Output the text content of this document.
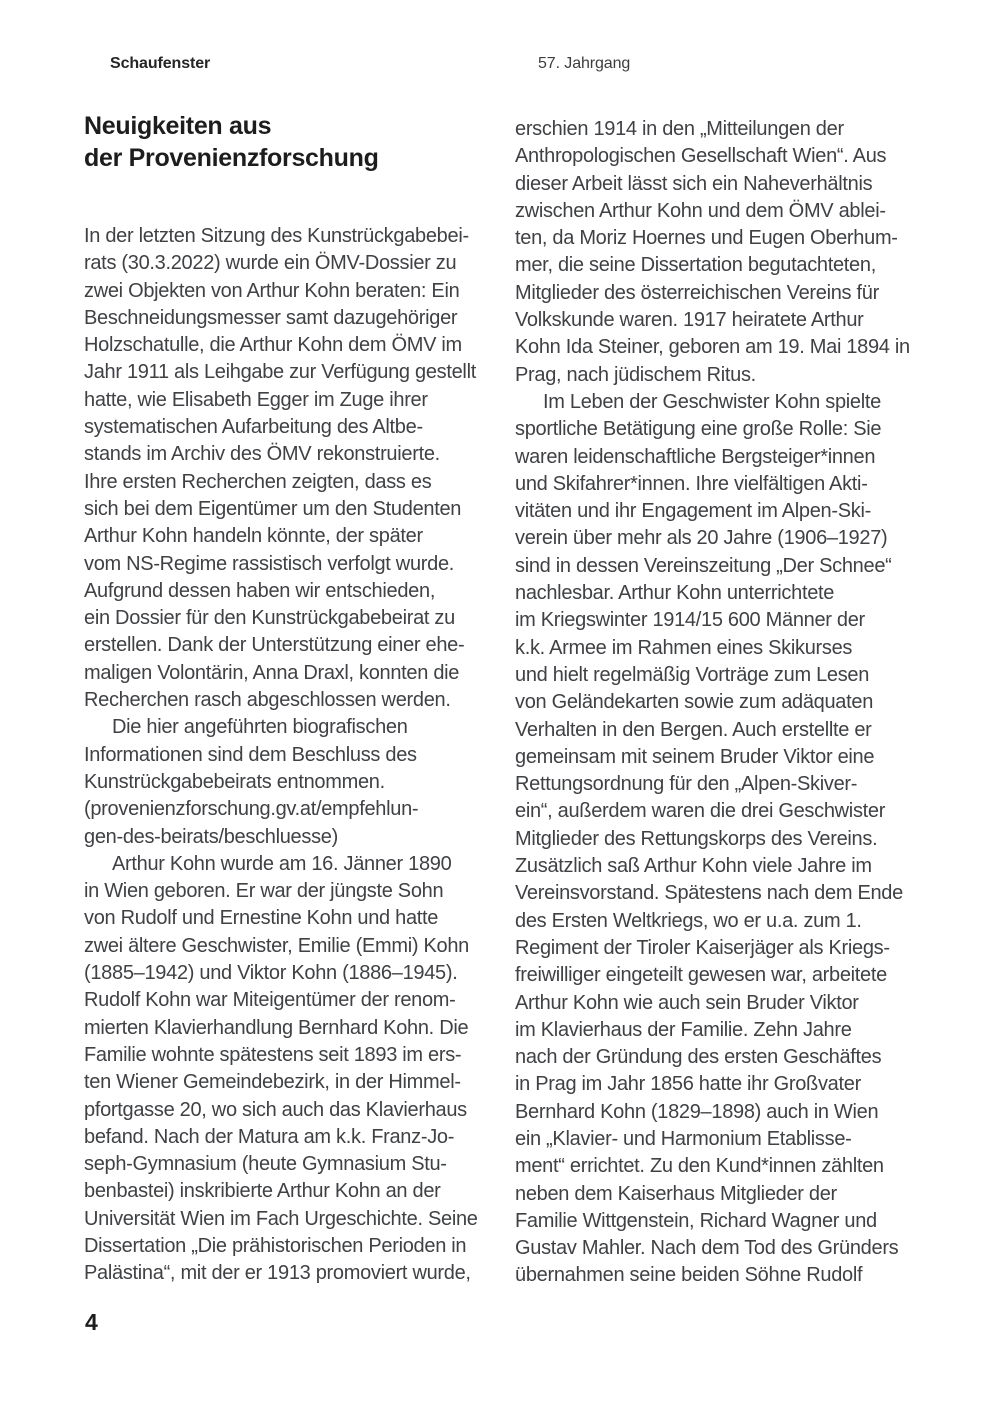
Schaufenster	57. Jahrgang
Neuigkeiten aus
der Provenienzforschung
In der letzten Sitzung des Kunstrückgabebei-
rats (30.3.2022) wurde ein ÖMV-Dossier zu
zwei Objekten von Arthur Kohn beraten: Ein
Beschneidungsmesser samt dazugehöriger
Holzschatulle, die Arthur Kohn dem ÖMV im
Jahr 1911 als Leihgabe zur Verfügung gestellt
hatte, wie Elisabeth Egger im Zuge ihrer
systematischen Aufarbeitung des Altbe-
stands im Archiv des ÖMV rekonstruierte.
Ihre ersten Recherchen zeigten, dass es
sich bei dem Eigentümer um den Studenten
Arthur Kohn handeln könnte, der später
vom NS-Regime rassistisch verfolgt wurde.
Aufgrund dessen haben wir entschieden,
ein Dossier für den Kunstrückgabebeirat zu
erstellen. Dank der Unterstützung einer ehe-
maligen Volontärin, Anna Draxl, konnten die
Recherchen rasch abgeschlossen werden.
Die hier angeführten biografischen
Informationen sind dem Beschluss des
Kunstrückgabebeirats entnommen.
(provenienzforschung.gv.at/empfehlun-
gen-des-beirats/beschluesse)
Arthur Kohn wurde am 16. Jänner 1890
in Wien geboren. Er war der jüngste Sohn
von Rudolf und Ernestine Kohn und hatte
zwei ältere Geschwister, Emilie (Emmi) Kohn
(1885–1942) und Viktor Kohn (1886–1945).
Rudolf Kohn war Miteigentümer der renom-
mierten Klavierhandlung Bernhard Kohn. Die
Familie wohnte spätestens seit 1893 im ers-
ten Wiener Gemeindebezirk, in der Himmel-
pfortgasse 20, wo sich auch das Klavierhaus
befand. Nach der Matura am k.k. Franz-Jo-
seph-Gymnasium (heute Gymnasium Stu-
benbastei) inskribierte Arthur Kohn an der
Universität Wien im Fach Urgeschichte. Seine
Dissertation „Die prähistorischen Perioden in
Palästina“, mit der er 1913 promoviert wurde,
erschien 1914 in den „Mitteilungen der
Anthropologischen Gesellschaft Wien“. Aus
dieser Arbeit lässt sich ein Naheverhältnis
zwischen Arthur Kohn und dem ÖMV ablei-
ten, da Moriz Hoernes und Eugen Oberhum-
mer, die seine Dissertation begutachteten,
Mitglieder des österreichischen Vereins für
Volkskunde waren. 1917 heiratete Arthur
Kohn Ida Steiner, geboren am 19. Mai 1894 in
Prag, nach jüdischem Ritus.
Im Leben der Geschwister Kohn spielte
sportliche Betätigung eine große Rolle: Sie
waren leidenschaftliche Bergsteiger*innen
und Skifahrer*innen. Ihre vielfältigen Akti-
vitäten und ihr Engagement im Alpen-Ski-
verein über mehr als 20 Jahre (1906–1927)
sind in dessen Vereinszeitung „Der Schnee“
nachlesbar. Arthur Kohn unterrichtete
im Kriegswinter 1914/15 600 Männer der
k.k. Armee im Rahmen eines Skikurses
und hielt regelmäßig Vorträge zum Lesen
von Geländekarten sowie zum adäquaten
Verhalten in den Bergen. Auch erstellte er
gemeinsam mit seinem Bruder Viktor eine
Rettungsordnung für den „Alpen-Skiver-
ein“, außerdem waren die drei Geschwister
Mitglieder des Rettungskorps des Vereins.
Zusätzlich saß Arthur Kohn viele Jahre im
Vereinsvorstand. Spätestens nach dem Ende
des Ersten Weltkriegs, wo er u.a. zum 1.
Regiment der Tiroler Kaiserjäger als Kriegs-
freiwilliger eingeteilt gewesen war, arbeitete
Arthur Kohn wie auch sein Bruder Viktor
im Klavierhaus der Familie. Zehn Jahre
nach der Gründung des ersten Geschäftes
in Prag im Jahr 1856 hatte ihr Großvater
Bernhard Kohn (1829–1898) auch in Wien
ein „Klavier- und Harmonium Etablisse-
ment“ errichtet. Zu den Kund*innen zählten
neben dem Kaiserhaus Mitglieder der
Familie Wittgenstein, Richard Wagner und
Gustav Mahler. Nach dem Tod des Gründers
übernahmen seine beiden Söhne Rudolf
4
